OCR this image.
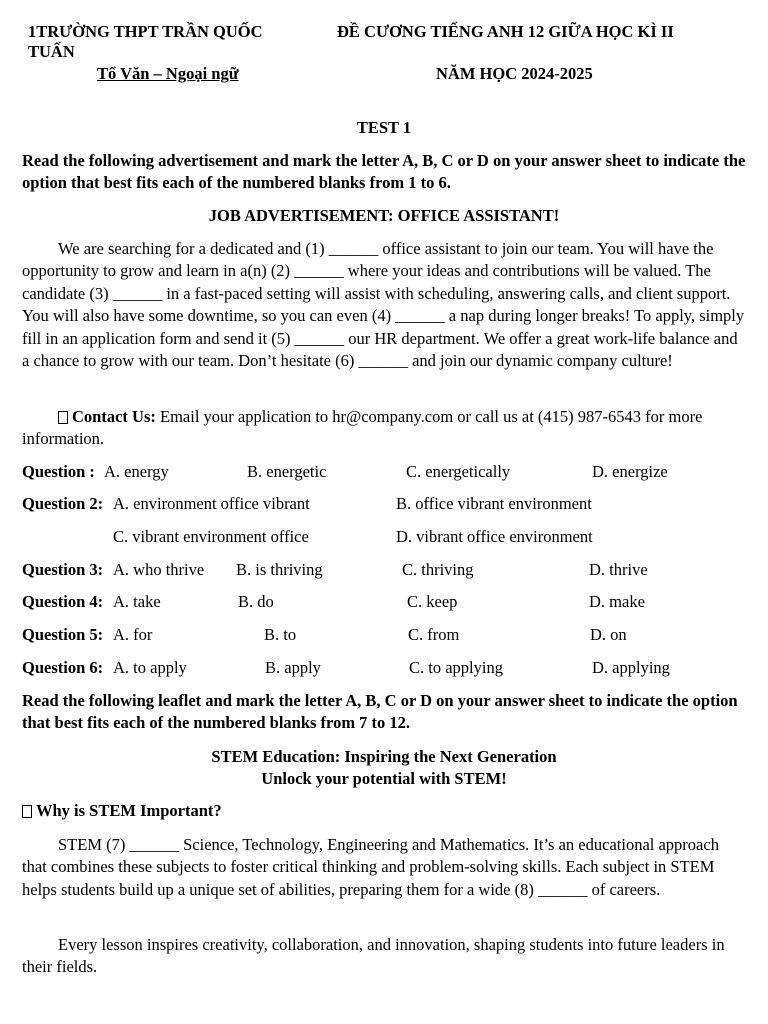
1TRƯỜNG THPT TRẦN QUỐC
TUẤN
Tổ Văn – Ngoại ngữ
ĐỀ CƯƠNG TIẾNG ANH 12 GIỮA HỌC KÌ II
NĂM HỌC 2024-2025
TEST 1
Read the following advertisement and mark the letter A, B, C or D on your answer sheet to indicate the option that best fits each of the numbered blanks from 1 to 6.
JOB ADVERTISEMENT: OFFICE ASSISTANT!
We are searching for a dedicated and (1) ______ office assistant to join our team. You will have the opportunity to grow and learn in a(n) (2) ______ where your ideas and contributions will be valued. The candidate (3) ______ in a fast-paced setting will assist with scheduling, answering calls, and client support. You will also have some downtime, so you can even (4) ______ a nap during longer breaks! To apply, simply fill in an application form and send it (5) ______ our HR department. We offer a great work-life balance and a chance to grow with our team. Don’t hesitate (6) ______ and join our dynamic company culture!
Contact Us: Email your application to hr@company.com or call us at (415) 987-6543 for more information.
Question : A. energy	B. energetic	C. energetically	D. energize
Question 2: A. environment office vibrant	B. office vibrant environment
C. vibrant environment office	D. vibrant office environment
Question 3: A. who thrive B. is thriving	C. thriving	D. thrive
Question 4: A. take	B. do	C. keep	D. make
Question 5: A. for	B. to	C. from	D. on
Question 6: A. to apply	B. apply	C. to applying	D. applying
Read the following leaflet and mark the letter A, B, C or D on your answer sheet to indicate the option that best fits each of the numbered blanks from 7 to 12.
STEM Education: Inspiring the Next Generation
Unlock your potential with STEM!
Why is STEM Important?
STEM (7) ______ Science, Technology, Engineering and Mathematics. It’s an educational approach that combines these subjects to foster critical thinking and problem-solving skills. Each subject in STEM helps students build up a unique set of abilities, preparing them for a wide (8) ______ of careers.
Every lesson inspires creativity, collaboration, and innovation, shaping students into future leaders in their fields.
